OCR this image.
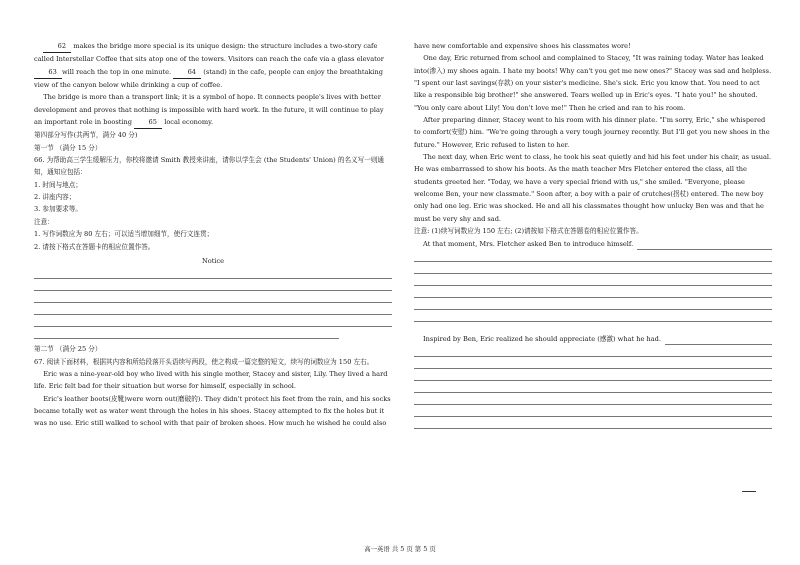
62 makes the bridge more special is its unique design: the structure includes a two-story cafe called Interstellar Coffee that sits atop one of the towers. Visitors can reach the cafe via a glass elevator 63 will reach the top in one minute. 64 (stand) in the cafe, people can enjoy the breathtaking view of the canyon below while drinking a cup of coffee.

The bridge is more than a transport link; it is a symbol of hope. It connects people's lives with better development and proves that nothing is impossible with hard work. In the future, it will continue to play an important role in boosting 65 local economy.

第四部分写作(共两节，满分 40 分)

第一节 （满分 15 分）

66. 为帮助高三学生缓解压力，你校将邀请 Smith 教授来讲座，请你以学生会 (the Students' Union) 的名义写一则通知，通知应包括：

1. 时间与地点；

2. 讲座内容；

3. 参加要求等。

注意：

1. 写作词数应为 80 左右；可以适当增加细节，使行文连贯；

2. 请按下格式在答题卡的相应位置作答。

Notice

第二节 （满分 25 分）

67. 阅读下面材料，根据其内容和所给段落开头语续写两段，使之构成一篇完整的短文，续写的词数应为 150 左右。

Eric was a nine-year-old boy who lived with his single mother, Stacey and sister, Lily. They lived a hard life. Eric felt bad for their situation but worse for himself, especially in school.

Eric's leather boots(皮靴)were worn out(磨破的). They didn't protect his feet from the rain, and his socks became totally wet as water went through the holes in his shoes. Stacey attempted to fix the holes but it was no use. Eric still walked to school with that pair of broken shoes. How much he wished he could also

have new comfortable and expensive shoes his classmates wore!

One day, Eric returned from school and complained to Stacey, "It was raining today. Water has leaked into(渗入) my shoes again. I hate my boots! Why can't you get me new ones?" Stacey was sad and helpless. "I spent our last savings(存款) on your sister's medicine. She's sick. Eric you know that. You need to act like a responsible big brother!" she answered. Tears welled up in Eric's eyes. "I hate you!" he shouted. "You only care about Lily! You don't love me!" Then he cried and ran to his room.

After preparing dinner, Stacey went to his room with his dinner plate. "I'm sorry, Eric," she whispered to comfort(安慰) him. "We're going through a very tough journey recently. But I'll get you new shoes in the future." However, Eric refused to listen to her.

The next day, when Eric went to class, he took his seat quietly and hid his feet under his chair, as usual. He was embarrassed to show his boots. As the math teacher Mrs Fletcher entered the class, all the students greeted her. "Today, we have a very special friend with us," she smiled. "Everyone, please welcome Ben, your new classmate." Soon after, a boy with a pair of crutches(拐杖) entered. The new boy only had one leg. Eric was shocked. He and all his classmates thought how unlucky Ben was and that he must be very shy and sad.

注意: (1)续写词数应为 150 左右; (2)请按如下格式在答题卷的相应位置作答。

At that moment, Mrs. Fletcher asked Ben to introduce himself.
Inspired by Ben, Eric realized he should appreciate (感激) what he had.
高一英语 共 5 页 第 5 页
